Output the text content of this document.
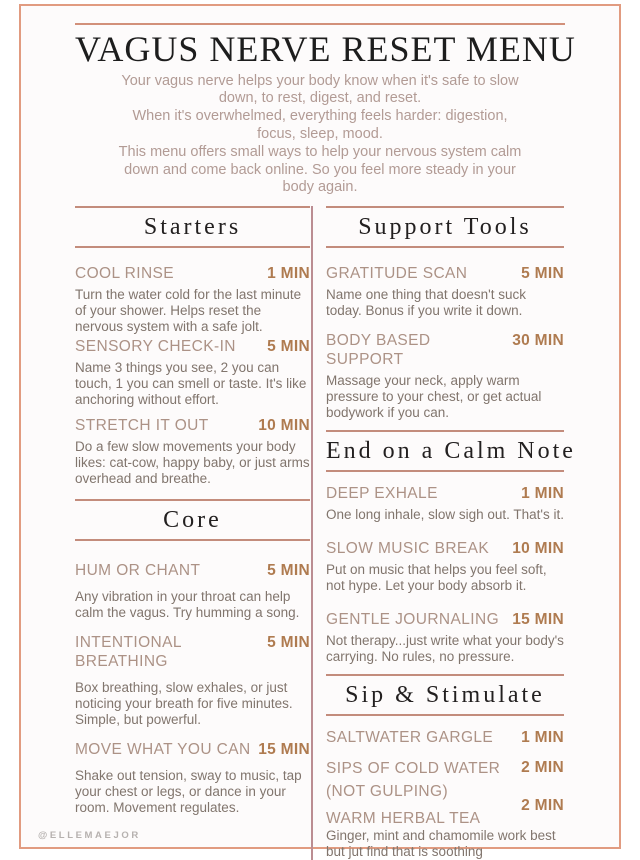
VAGUS NERVE RESET MENU
Your vagus nerve helps your body know when it's safe to slow
down, to rest, digest, and reset.
When it's overwhelmed, everything feels harder: digestion,
focus, sleep, mood.
This menu offers small ways to help your nervous system calm
down and come back online. So you feel more steady in your
body again.
Starters
COOL RINSE	1 MIN

Turn the water cold for the last minute of your shower. Helps reset the nervous system with a safe jolt.

SENSORY CHECK-IN 5 MIN

Name 3 things you see, 2 you can touch, 1 you can smell or taste. It's like anchoring without effort.

STRETCH IT OUT	10 MIN

Do a few slow movements your body likes: cat-cow, happy baby, or just arms overhead and breathe.

Core
HUM OR CHANT	5 MIN

Any vibration in your throat can help calm the vagus. Try humming a song.

INTENTIONAL BREATHING
5 MIN

Box breathing, slow exhales, or just noticing your breath for five minutes. Simple, but powerful.

MOVE WHAT YOU CAN 15 MIN

Shake out tension, sway to music, tap your chest or legs, or dance in your room. Movement regulates.

Support Tools
GRATITUDE SCAN	5 MIN

Name one thing that doesn't suck today. Bonus if you write it down.

BODY BASED SUPPORT
30 MIN

Massage your neck, apply warm pressure to your chest, or get actual bodywork if you can.

End on a Calm Note
DEEP EXHALE	1 MIN

One long inhale, slow sigh out. That's it.

SLOW MUSIC BREAK 10 MIN

Put on music that helps you feel soft, not hype. Let your body absorb it.

GENTLE JOURNALING 15 MIN

Not therapy...just write what your body's carrying. No rules, no pressure.

Sip & Stimulate
SALTWATER GARGLE 1 MIN
SIPS OF COLD WATER 2 MIN
(NOT GULPING)
WARM HERBAL TEA
2 MIN

Ginger, mint and chamomile work best but jut find that is soothing

@ELLEMAEJOR
